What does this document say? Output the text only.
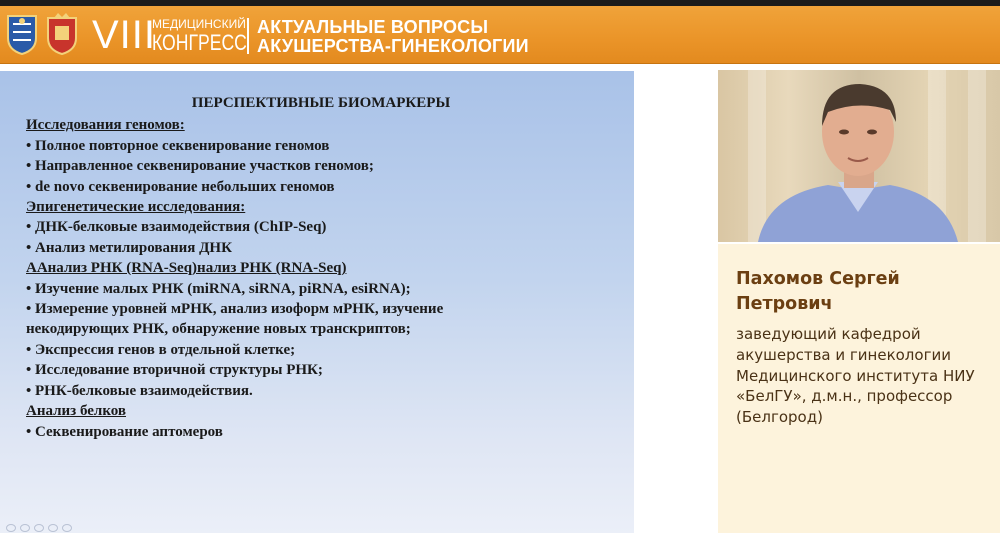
VIII
МЕДИЦИНСКИЙ
КОНГРЕСС
АКТУАЛЬНЫЕ ВОПРОСЫ
АКУШЕРСТВА-ГИНЕКОЛОГИИ
ПЕРСПЕКТИВНЫЕ БИОМАРКЕРЫ
Исследования геномов:
• Полное повторное секвенирование геномов
• Направленное секвенирование участков геномов;
• de novo секвенирование небольших геномов
Эпигенетические исследования:
• ДНК-белковые взаимодействия (ChIP-Seq)
• Анализ метилирования ДНК
ААнализ РНК (RNA-Seq)нализ РНК (RNA-Seq)
• Изучение малых РНК (miRNA, siRNA, piRNA, esiRNA);
• Измерение уровней мРНК, анализ изоформ мРНК, изучение
некодирующих РНК, обнаружение новых транскриптов;
• Экспрессия генов в отдельной клетке;
• Исследование вторичной структуры РНК;
• РНК-белковые взаимодействия.
Анализ белков
• Секвенирование аптомеров
Пахомов Сергей Петрович
заведующий кафедрой акушерства и гинекологии Медицинского института НИУ «БелГУ», д.м.н., профессор (Белгород)
